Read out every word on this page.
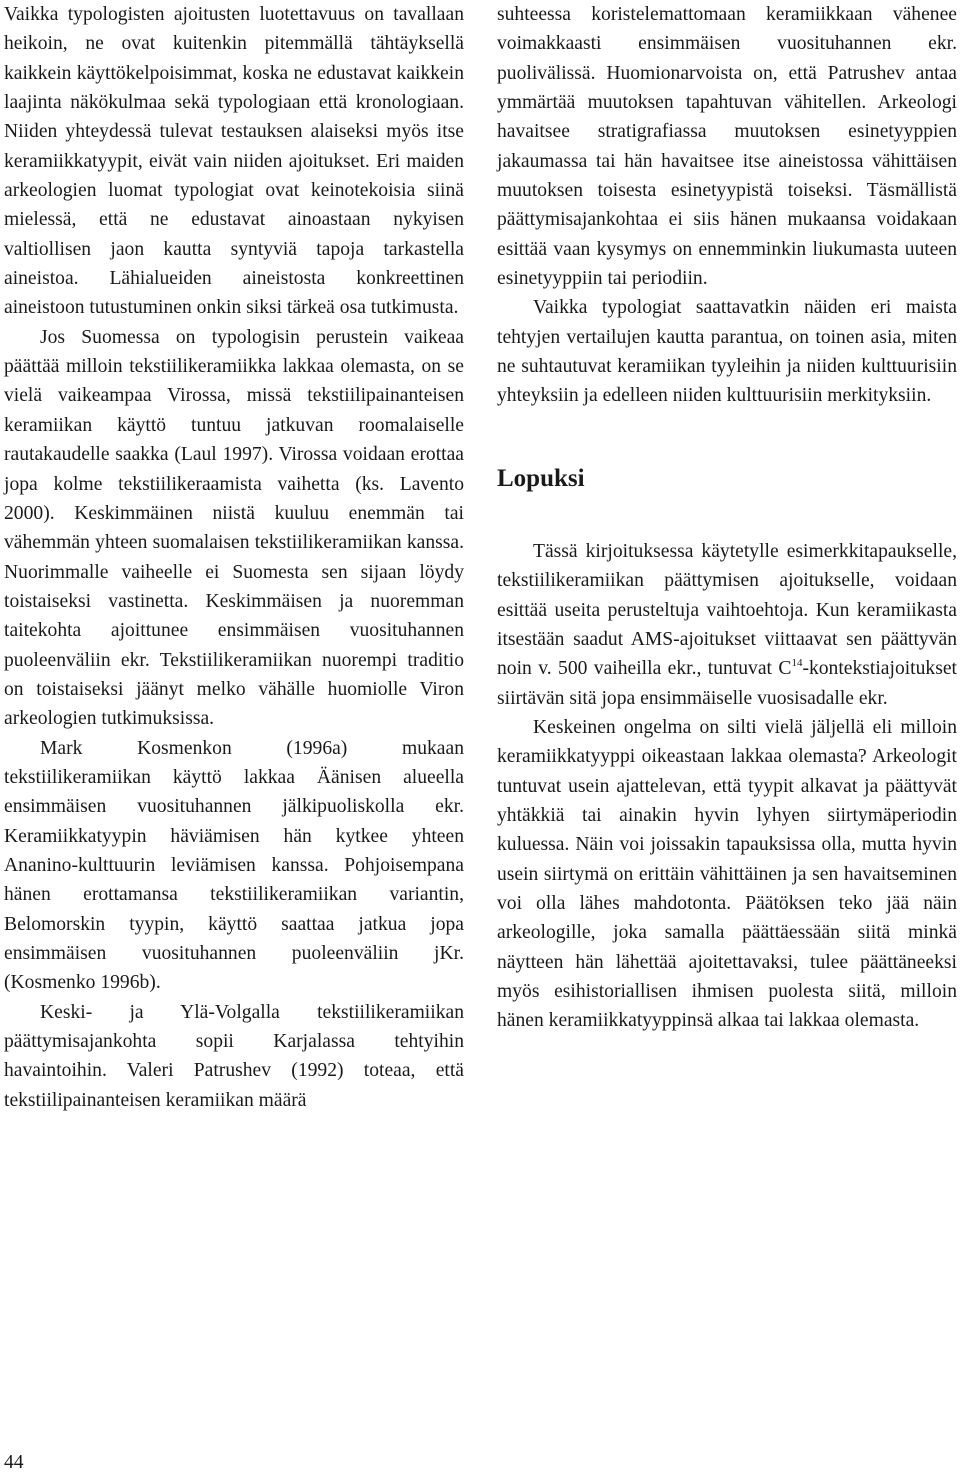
Vaikka typologisten ajoitusten luotettavuus on tavallaan heikoin, ne ovat kuitenkin pitemmällä tähtäyksellä kaikkein käyttökelpoisimmat, koska ne edustavat kaikkein laajinta näkökulmaa sekä typologiaan että kronologiaan. Niiden yhteydessä tulevat testauksen alaiseksi myös itse keramiikkatyypit, eivät vain niiden ajoitukset. Eri maiden arkeologien luomat typologiat ovat keinotekoisia siinä mielessä, että ne edustavat ainoastaan nykyisen valtiollisen jaon kautta syntyviä tapoja tarkastella aineistoa. Lähialueiden aineistosta konkreettinen aineistoon tutustuminen onkin siksi tärkeä osa tutkimusta.

Jos Suomessa on typologisin perustein vaikeaa päättää milloin tekstiilikeramiikka lakkaa olemasta, on se vielä vaikeampaa Virossa, missä tekstiilipainanteisen keramiikan käyttö tuntuu jatkuvan roomalaiselle rautakaudelle saakka (Laul 1997). Virossa voidaan erottaa jopa kolme tekstiilikeraamista vaihetta (ks. Lavento 2000). Keskimmäinen niistä kuuluu enemmän tai vähemmän yhteen suomalaisen tekstiilikeramiikan kanssa. Nuorimmalle vaiheelle ei Suomesta sen sijaan löydy toistaiseksi vastinetta. Keskimmäisen ja nuoremman taitekohta ajoittunee ensimmäisen vuosituhannen puoleenväliin ekr. Tekstiilikeramiikan nuorempi traditio on toistaiseksi jäänyt melko vähälle huomiolle Viron arkeologien tutkimuksissa.

Mark Kosmenkon (1996a) mukaan tekstiilikeramiikan käyttö lakkaa Äänisen alueella ensimmäisen vuosituhannen jälkipuoliskolla ekr. Keramiikkatyypin häviämisen hän kytkee yhteen Ananino-kulttuurin leviämisen kanssa. Pohjoisempana hänen erottamansa tekstiilikeramiikan variantin, Belomorskin tyypin, käyttö saattaa jatkua jopa ensimmäisen vuosituhannen puoleenväliin jKr. (Kosmenko 1996b).

Keski- ja Ylä-Volgalla tekstiilikeramiikan päättymisajankohta sopii Karjalassa tehtyihin havaintoihin. Valeri Patrushev (1992) toteaa, että tekstiilipainanteisen keramiikan määrä

suhteessa koristelemattomaan keramiikkaan vähenee voimakkaasti ensimmäisen vuosituhannen ekr. puolivälissä. Huomionarvoista on, että Patrushev antaa ymmärtää muutoksen tapahtuvan vähitellen. Arkeologi havaitsee stratigrafiassa muutoksen esinetyyppien jakaumassa tai hän havaitsee itse aineistossa vähittäisen muutoksen toisesta esinetyypistä toiseksi. Täsmällistä päättymisajankohtaa ei siis hänen mukaansa voidakaan esittää vaan kysymys on ennemminkin liukumasta uuteen esinetyyppiin tai periodiin.

Vaikka typologiat saattavatkin näiden eri maista tehtyjen vertailujen kautta parantua, on toinen asia, miten ne suhtautuvat keramiikan tyyleihin ja niiden kulttuurisiin yhteyksiin ja edelleen niiden kulttuurisiin merkityksiin.

Lopuksi

Tässä kirjoituksessa käytetylle esimerkkitapaukselle, tekstiilikeramiikan päättymisen ajoitukselle, voidaan esittää useita perusteltuja vaihtoehtoja. Kun keramiikasta itsestään saadut AMS-ajoitukset viittaavat sen päättyvän noin v. 500 vaiheilla ekr., tuntuvat $C^{14}$-kontekstiajoitukset siirtävän sitä jopa ensimmäiselle vuosisadalle ekr.

Keskeinen ongelma on silti vielä jäljellä eli milloin keramiikkatyyppi oikeastaan lakkaa olemasta? Arkeologit tuntuvat usein ajattelevan, että tyypit alkavat ja päättyvät yhtäkkiä tai ainakin hyvin lyhyen siirtymäperiodin kuluessa. Näin voi joissakin tapauksissa olla, mutta hyvin usein siirtymä on erittäin vähittäinen ja sen havaitseminen voi olla lähes mahdotonta. Päätöksen teko jää näin arkeologille, joka samalla päättäessään siitä minkä näytteen hän lähettää ajoitettavaksi, tulee päättäneeksi myös esihistoriallisen ihmisen puolesta siitä, milloin hänen keramiikkatyyppinsä alkaa tai lakkaa olemasta.

44
